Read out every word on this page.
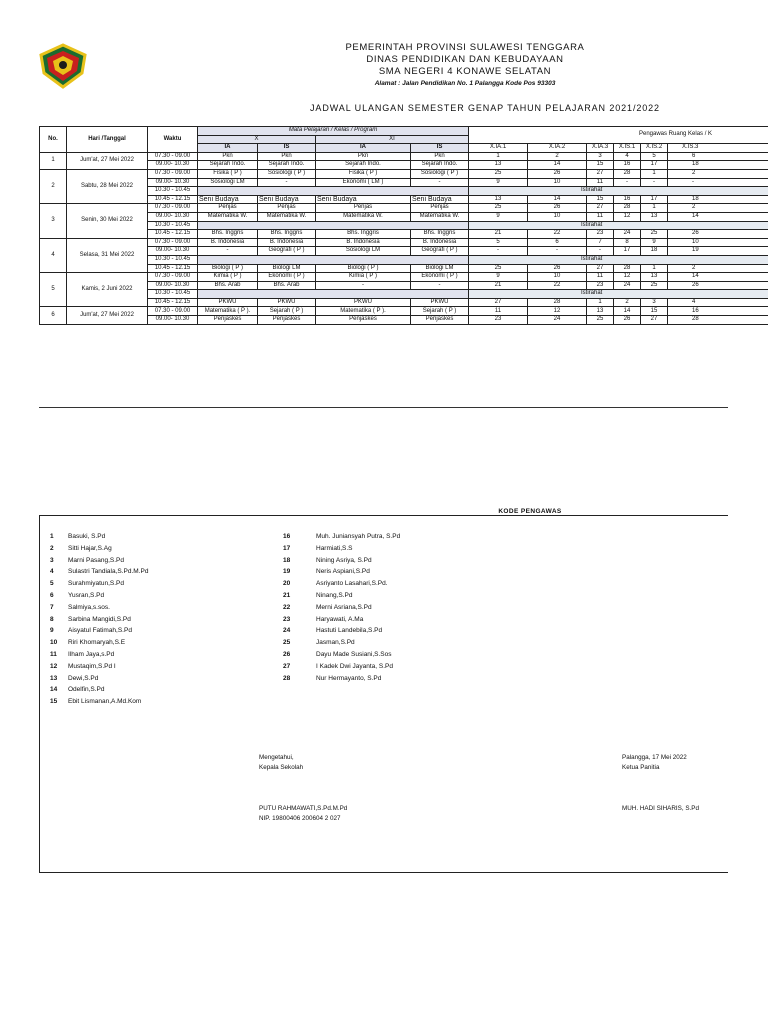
PEMERINTAH PROVINSI SULAWESI TENGGARA
DINAS PENDIDIKAN DAN KEBUDAYAAN
SMA NEGERI 4 KONAWE SELATAN
Alamat : Jalan Pendidikan No. 1 Palangga Kode Pos 93303
JADWAL ULANGAN SEMESTER GENAP TAHUN PELAJARAN 2021/2022
No.	Hari /Tanggal	Waktu	Mata Pelajaran / Kelas / Program				Pengawas Ruang Kelas / K					
			X		XI							
			IA	IS	IA	IS	X.IA.1	X.IA.2	X.IA.3	X.IS.1	X.IS.2	X.IS.3

1	Jum'at, 27 Mei 2022	07.30 - 09.00	Pkn	Pkn	Pkn	Pkn	1	2	3	4	5	6
		09.00- 10.30	Sejarah Indo.	Sejarah Indo.	Sejarah Indo.	Sejarah Indo.	13	14	15	16	17	18
2	Sabtu, 28 Mei 2022	07.30 - 09.00	Fisika ( P )	Sosiologi ( P )	Fisika ( P )	Sosiologi ( P )	25	26	27	28	1	2
		09.00- 10.30	Sosiologi LM	-	Ekonomi ( LM )	-	9	10	11	-	-	-
		10.30 - 10.45					Istirahat					
		10.45 - 12.15	Seni Budaya	Seni Budaya	Seni Budaya	Seni Budaya	13	14	15	16	17	18
3	Senin, 30 Mei 2022	07.30 - 09.00	Penjas	Penjas	Penjas	Penjas	25	26	27	28	1	2
		09.00- 10.30	Matematika W.	Matematika W.	Matematika W.	Matematika W.	9	10	11	12	13	14
		10.30 - 10.45					Istirahat					
		10.45 - 12.15	Bhs. Inggris	Bhs. Inggris	Bhs. Inggris	Bhs. Inggris	21	22	23	24	25	26
4	Selasa, 31 Mei 2022	07.30 - 09.00	B. Indonesia	B. Indonesia	B. Indonesia	B. Indonesia	5	6	7	8	9	10
		09.00- 10.30	-	Geografi ( P )	Sosiologi LM	Geografi ( P )	-	-	-	17	18	19
		10.30 - 10.45					Istirahat					
		10.45 - 12.15	Biologi ( P )	Biologi LM	Biologi ( P )	Biologi LM	25	26	27	28	1	2
5	Kamis, 2 Juni 2022	07.30 - 09.00	Kimia ( P )	Ekonomi ( P )	Kimia ( P )	Ekonomi ( P )	9	10	11	12	13	14
		09.00- 10.30	Bhs. Arab	Bhs. Arab	-	-	21	22	23	24	25	26
		10.30 - 10.45					Istirahat					
		10.45 - 12.15	PKWU	PKWU	PKWU	PKWU	27	28	1	2	3	4
6	Jum'at, 27 Mei 2022	07.30 - 09.00	Matematika ( P ).	Sejarah ( P )	Matematika ( P ).	Sejarah ( P )	11	12	13	14	15	16
		09.00- 10.30	Penjaskes	Penjaskes	Penjaskes	Penjaskes	23	24	25	26	27	28
KODE PENGAWAS
1	Basuki, S.Pd
2	Sitti Hajar,S.Ag
3	Marni Pasang,S.Pd
4	Sulastri Tandiala,S.Pd.M.Pd
5	Surahmiyatun,S.Pd
6	Yusran,S.Pd
7	Salmiya,s.sos.
8	Sarbina Mangidi,S.Pd
9	Aisyatul Fatimah,S.Pd
10	Riri Khomaryah,S.E
11	Ilham Jaya,s.Pd
12	Mustaqim,S.Pd I
13	Dewi,S.Pd
14	Odelfin,S.Pd
15	Ebit Lismanan,A.Md.Kom
16	Muh. Juniansyah Putra, S.Pd
17	Harmiati,S.S
18	Nining Asriya, S.Pd
19	Neris Aspiani,S.Pd
20	Asriyanto Lasahari,S.Pd.
21	Ninang,S.Pd
22	Merni Asriana,S.Pd
23	Haryawati, A.Ma
24	Hastuti Landebila,S.Pd
25	Jasman,S.Pd
26	Dayu Made Susiani,S.Sos
27	I Kadek Dwi Jayanta, S.Pd
28	Nur Hermayanto, S.Pd
Mengetahui,
Kepala Sekolah
PUTU RAHMAWATI,S.Pd.M.Pd
NIP. 19800406 200604 2 027
Palangga, 17 Mei 2022
Ketua Panitia
MUH. HADI SIHARIS, S.Pd
